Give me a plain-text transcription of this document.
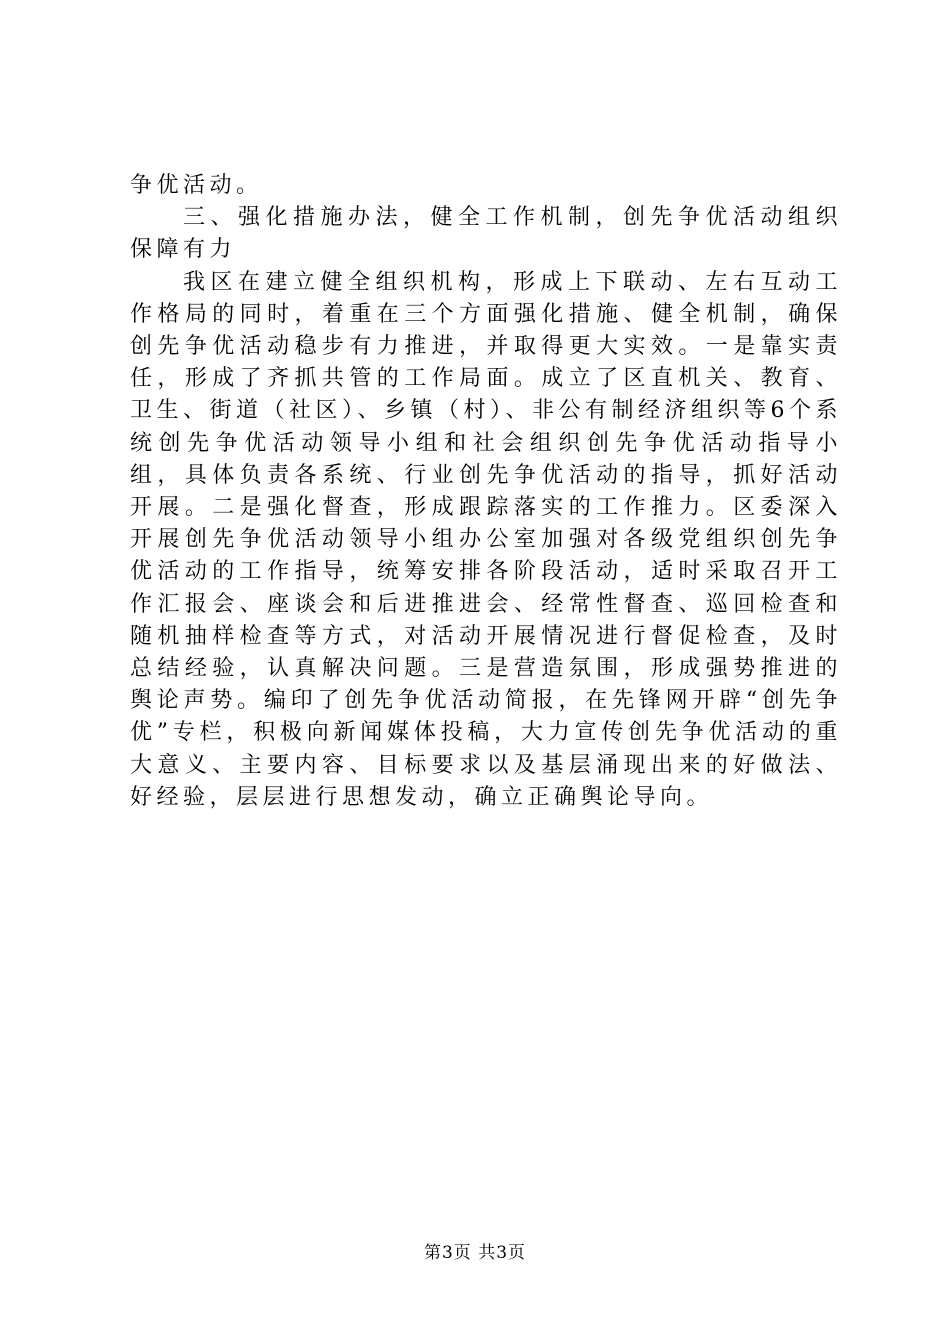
争优活动。

三、强化措施办法，健全工作机制，创先争优活动组织保障有力

我区在建立健全组织机构，形成上下联动、左右互动工作格局的同时，着重在三个方面强化措施、健全机制，确保创先争优活动稳步有力推进，并取得更大实效。一是靠实责任，形成了齐抓共管的工作局面。成立了区直机关、教育、卫生、街道（社区）、乡镇（村）、非公有制经济组织等6个系统创先争优活动领导小组和社会组织创先争优活动指导小组，具体负责各系统、行业创先争优活动的指导，抓好活动开展。二是强化督查，形成跟踪落实的工作推力。区委深入开展创先争优活动领导小组办公室加强对各级党组织创先争优活动的工作指导，统筹安排各阶段活动，适时采取召开工作汇报会、座谈会和后进推进会、经常性督查、巡回检查和随机抽样检查等方式，对活动开展情况进行督促检查，及时总结经验，认真解决问题。三是营造氛围，形成强势推进的舆论声势。编印了创先争优活动简报，在先锋网开辟“创先争优”专栏，积极向新闻媒体投稿，大力宣传创先争优活动的重大意义、主要内容、目标要求以及基层涌现出来的好做法、好经验，层层进行思想发动，确立正确舆论导向。

第3页 共3页
